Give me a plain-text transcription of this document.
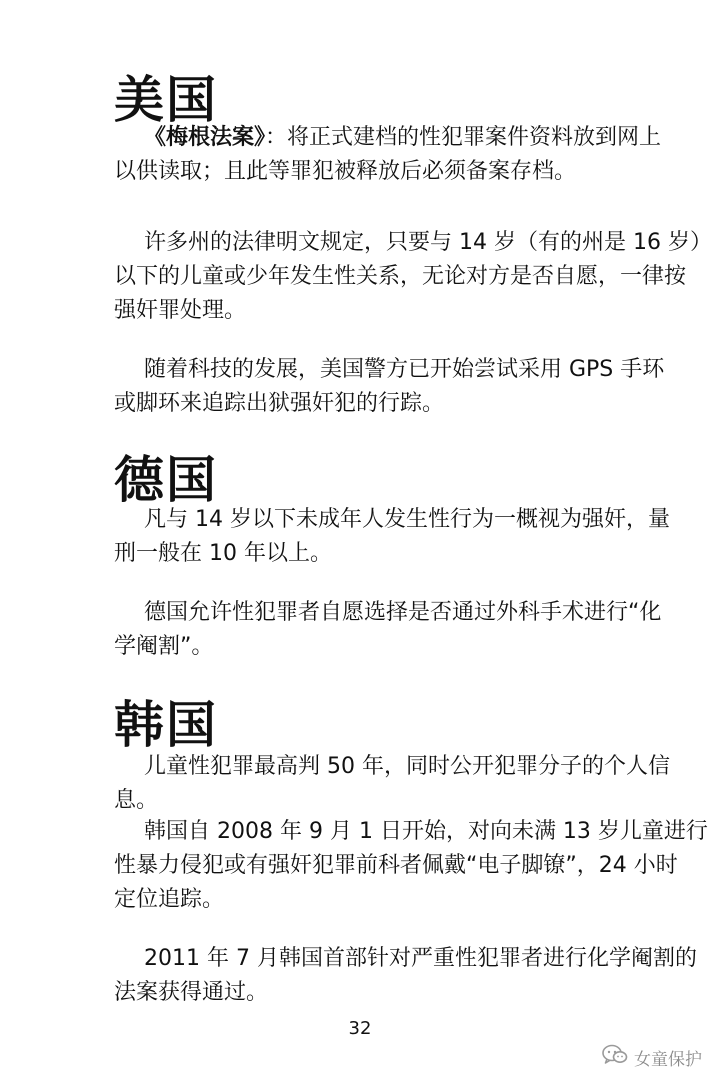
美国
《梅根法案》：将正式建档的性犯罪案件资料放到网上
以供读取；且此等罪犯被释放后必须备案存档。
许多州的法律明文规定，只要与 14 岁（有的州是 16 岁）
以下的儿童或少年发生性关系，无论对方是否自愿，一律按
强奸罪处理。
随着科技的发展，美国警方已开始尝试采用 GPS 手环
或脚环来追踪出狱强奸犯的行踪。
德国
凡与 14 岁以下未成年人发生性行为一概视为强奸，量
刑一般在 10 年以上。
德国允许性犯罪者自愿选择是否通过外科手术进行“化
学阉割”。
韩国
儿童性犯罪最高判 50 年，同时公开犯罪分子的个人信
息。
韩国自 2008 年 9 月 1 日开始，对向未满 13 岁儿童进行
性暴力侵犯或有强奸犯罪前科者佩戴“电子脚镣”，24 小时
定位追踪。
2011 年 7 月韩国首部针对严重性犯罪者进行化学阉割的
法案获得通过。
32
女童保护
